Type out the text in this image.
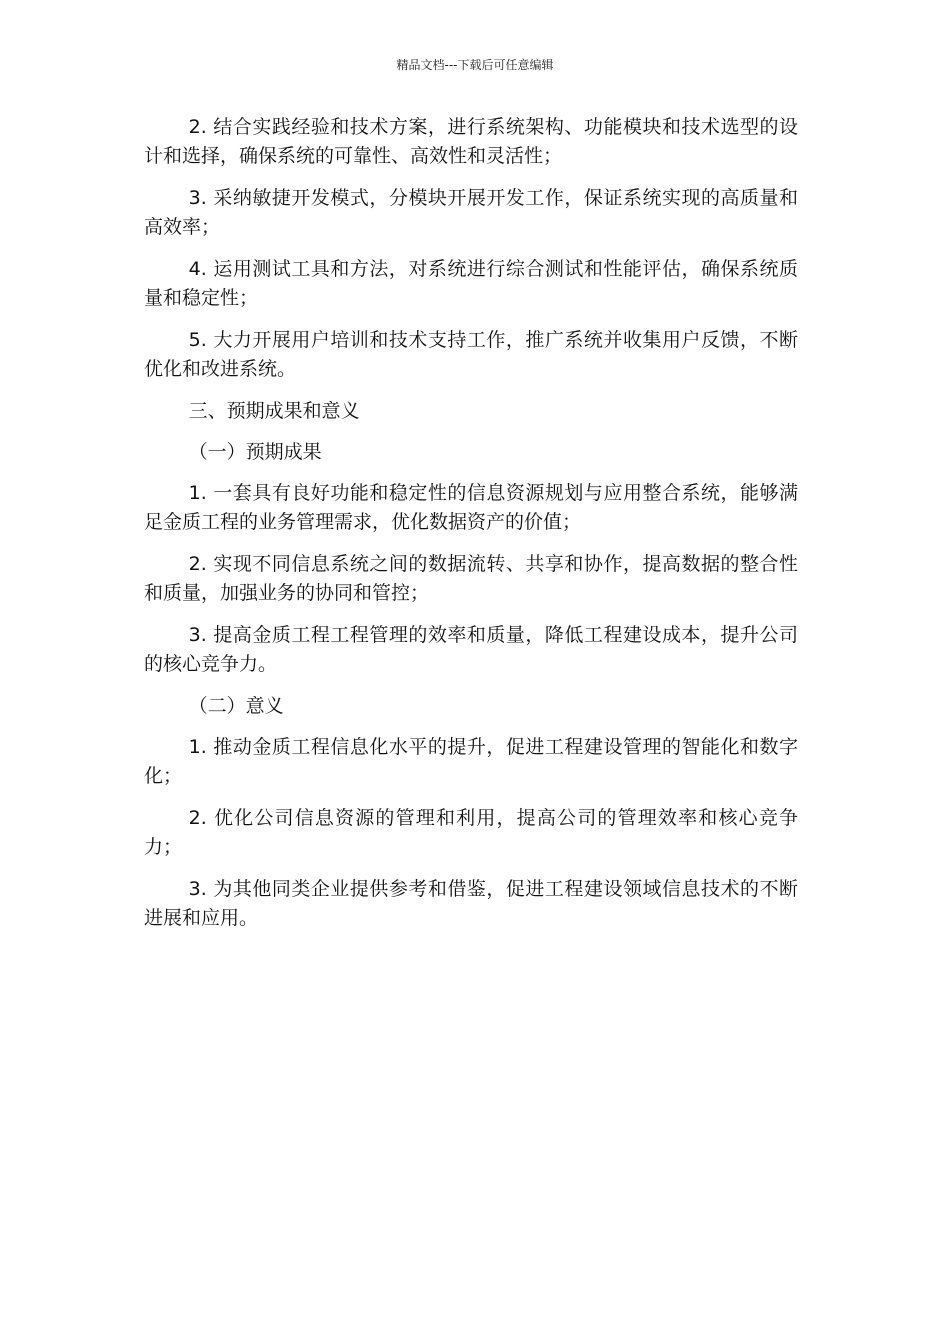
精品文档---下载后可任意编辑

2. 结合实践经验和技术方案，进行系统架构、功能模块和技术选型的设计和选择，确保系统的可靠性、高效性和灵活性；

3. 采纳敏捷开发模式，分模块开展开发工作，保证系统实现的高质量和高效率；

4. 运用测试工具和方法，对系统进行综合测试和性能评估，确保系统质量和稳定性；

5. 大力开展用户培训和技术支持工作，推广系统并收集用户反馈，不断优化和改进系统。

三、预期成果和意义

（一）预期成果

1. 一套具有良好功能和稳定性的信息资源规划与应用整合系统，能够满足金质工程的业务管理需求，优化数据资产的价值；

2. 实现不同信息系统之间的数据流转、共享和协作，提高数据的整合性和质量，加强业务的协同和管控；

3. 提高金质工程工程管理的效率和质量，降低工程建设成本，提升公司的核心竞争力。

（二）意义

1. 推动金质工程信息化水平的提升，促进工程建设管理的智能化和数字化；

2. 优化公司信息资源的管理和利用，提高公司的管理效率和核心竞争力；

3. 为其他同类企业提供参考和借鉴，促进工程建设领域信息技术的不断进展和应用。
